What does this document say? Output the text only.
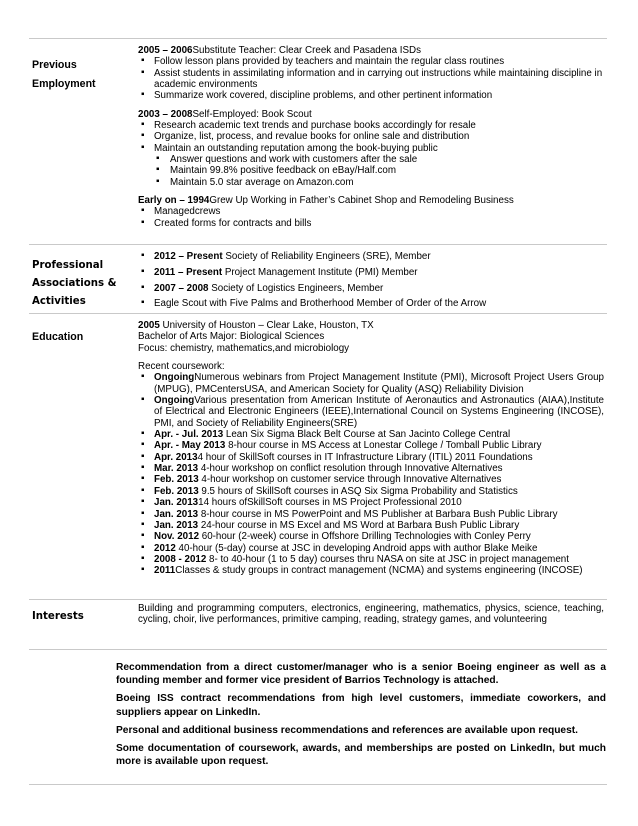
Previous
Employment
Professional
Associations &
Activities
Education
Interests

2005 – 2006Substitute Teacher: Clear Creek and Pasadena ISDs

▪ Follow lesson plans provided by teachers and maintain the regular class routines

▪ Assist students in assimilating information and in carrying out instructions while maintaining discipline in academic environments

▪ Summarize work covered, discipline problems, and other pertinent information

2003 – 2008Self-Employed: Book Scout

▪ Research academic text trends and purchase books accordingly for resale

▪ Organize, list, process, and revalue books for online sale and distribution

▪ Maintain an outstanding reputation among the book-buying public

▪ Answer questions and work with customers after the sale

▪ Maintain 99.8% positive feedback on eBay/Half.com

▪ Maintain 5.0 star average on Amazon.com

Early on – 1994Grew Up Working in Father’s Cabinet Shop and Remodeling Business

▪ Managedcrews

▪ Created forms for contracts and bills

▪ 2012 – Present Society of Reliability Engineers (SRE), Member

▪ 2011 – Present Project Management Institute (PMI) Member

▪ 2007 – 2008 Society of Logistics Engineers, Member

▪ Eagle Scout with Five Palms and Brotherhood Member of Order of the Arrow

2005 University of Houston – Clear Lake, Houston, TX

Bachelor of Arts Major: Biological Sciences

Focus: chemistry, mathematics,and microbiology

Recent coursework:

▪ OngoingNumerous webinars from Project Management Institute (PMI), Microsoft Project Users Group (MPUG), PMCentersUSA, and American Society for Quality (ASQ) Reliability Division

▪ OngoingVarious presentation from American Institute of Aeronautics and Astronautics (AIAA),Institute of Electrical and Electronic Engineers (IEEE),International Council on Systems Engineering (INCOSE), PMI, and Society of Reliability Engineers(SRE)

▪ Apr. - Jul. 2013 Lean Six Sigma Black Belt Course at San Jacinto College Central

▪ Apr. - May 2013 8-hour course in MS Access at Lonestar College / Tomball Public Library

▪ Apr. 20134 hour of SkillSoft courses in IT Infrastructure Library (ITIL) 2011 Foundations

▪ Mar. 2013 4-hour workshop on conflict resolution through Innovative Alternatives

▪ Feb. 2013 4-hour workshop on customer service through Innovative Alternatives

▪ Feb. 2013 9.5 hours of SkillSoft courses in ASQ Six Sigma Probability and Statistics

▪ Jan. 201314 hours ofSkillSoft courses in MS Project Professional 2010

▪ Jan. 2013 8-hour course in MS PowerPoint and MS Publisher at Barbara Bush Public Library

▪ Jan. 2013 24-hour course in MS Excel and MS Word at Barbara Bush Public Library

▪ Nov. 2012 60-hour (2-week) course in Offshore Drilling Technologies with Conley Perry

▪ 2012 40-hour (5-day) course at JSC in developing Android apps with author Blake Meike

▪ 2008 - 2012 8- to 40-hour (1 to 5 day) courses thru NASA on site at JSC in project management

▪ 2011Classes & study groups in contract management (NCMA) and systems engineering (INCOSE)

Building and programming computers, electronics, engineering, mathematics, physics, science, teaching, cycling, choir, live performances, primitive camping, reading, strategy games, and volunteering

Recommendation from a direct customer/manager who is a senior Boeing engineer as well as a founding member and former vice president of Barrios Technology is attached.

Boeing ISS contract recommendations from high level customers, immediate coworkers, and suppliers appear on LinkedIn.

Personal and additional business recommendations and references are available upon request.

Some documentation of coursework, awards, and memberships are posted on LinkedIn, but much more is available upon request.
